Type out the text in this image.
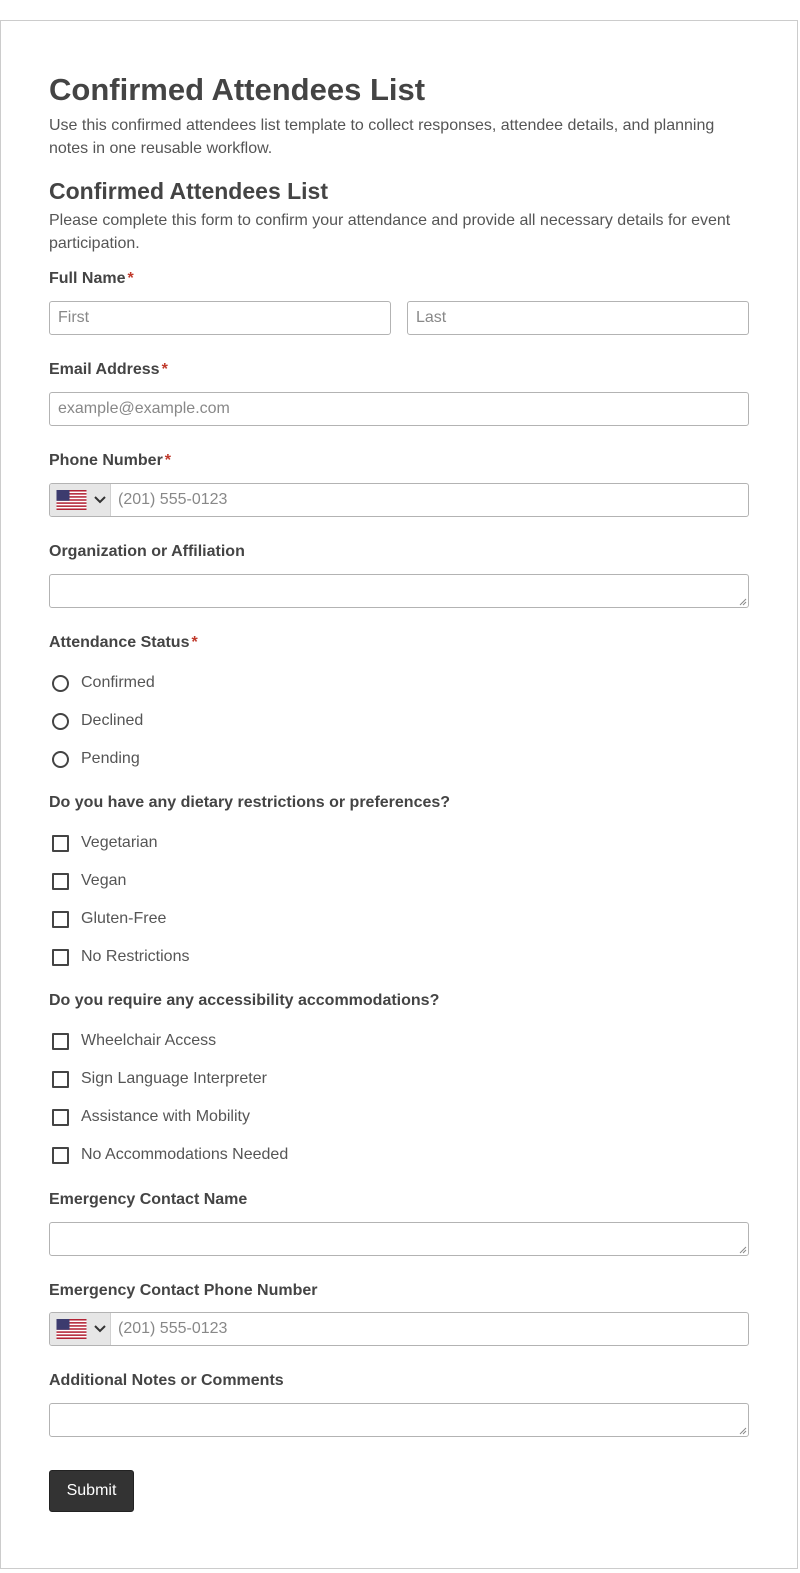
Confirmed Attendees List

Use this confirmed attendees list template to collect responses, attendee details, and planning notes in one reusable workflow.

Confirmed Attendees List

Please complete this form to confirm your attendance and provide all necessary details for event participation.

Full Name *
First
Last
Email Address *
example@example.com
Phone Number *
(201) 555-0123
Organization or Affiliation
Attendance Status *
Confirmed
Declined
Pending
Do you have any dietary restrictions or preferences?
Vegetarian
Vegan
Gluten-Free
No Restrictions
Do you require any accessibility accommodations?
Wheelchair Access
Sign Language Interpreter
Assistance with Mobility
No Accommodations Needed
Emergency Contact Name
Emergency Contact Phone Number
(201) 555-0123
Additional Notes or Comments
Submit
